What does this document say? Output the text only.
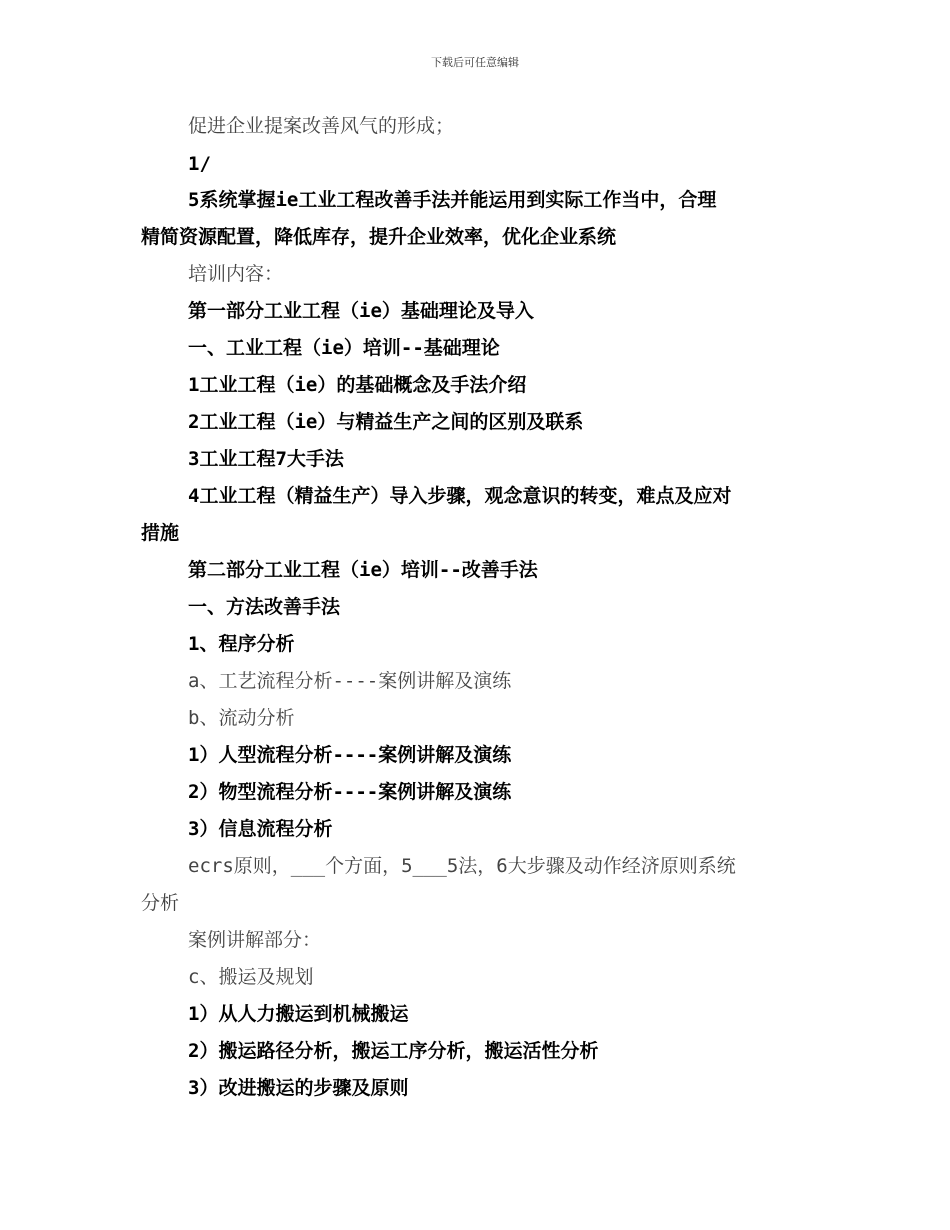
下载后可任意编辑
促进企业提案改善风气的形成；
1/
5系统掌握ie工业工程改善手法并能运用到实际工作当中，合理
精简资源配置，降低库存，提升企业效率，优化企业系统
培训内容：
第一部分工业工程（ie）基础理论及导入
一、工业工程（ie）培训--基础理论
1工业工程（ie）的基础概念及手法介绍
2工业工程（ie）与精益生产之间的区别及联系
3工业工程7大手法
4工业工程（精益生产）导入步骤，观念意识的转变，难点及应对
措施
第二部分工业工程（ie）培训--改善手法
一、方法改善手法
1、程序分析
a、工艺流程分析----案例讲解及演练
b、流动分析
1）人型流程分析----案例讲解及演练
2）物型流程分析----案例讲解及演练
3）信息流程分析
ecrs原则，___个方面，5___5法，6大步骤及动作经济原则系统
分析
案例讲解部分：
c、搬运及规划
1）从人力搬运到机械搬运
2）搬运路径分析，搬运工序分析，搬运活性分析
3）改进搬运的步骤及原则
